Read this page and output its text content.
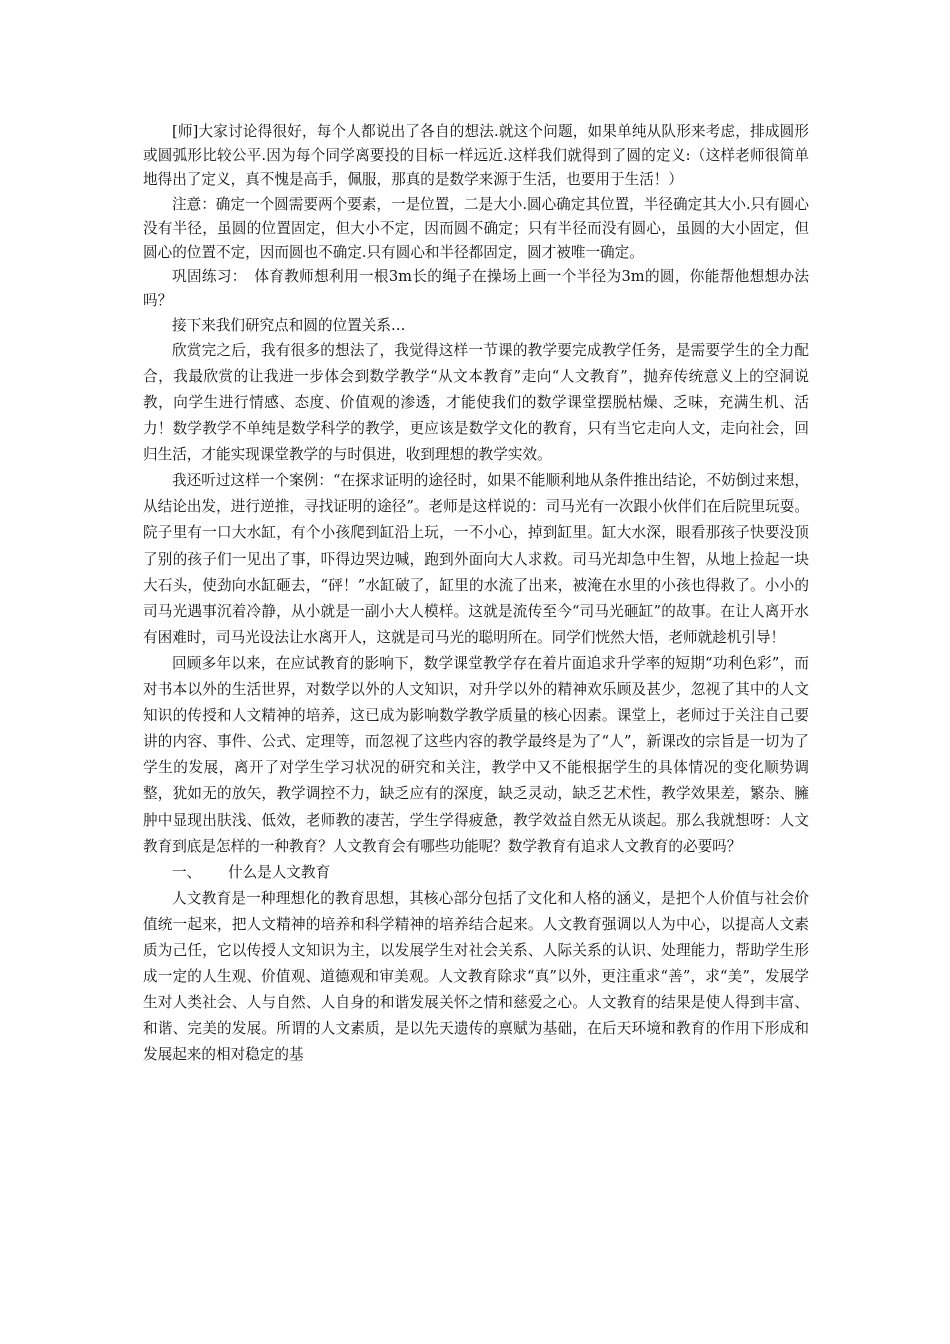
[师]大家讨论得很好，每个人都说出了各自的想法.就这个问题，如果单纯从队形来考虑，排成圆形或圆弧形比较公平.因为每个同学离要投的目标一样远近.这样我们就得到了圆的定义:（这样老师很简单地得出了定义，真不愧是高手，佩服，那真的是数学来源于生活，也要用于生活！）

注意：确定一个圆需要两个要素，一是位置，二是大小.圆心确定其位置，半径确定其大小.只有圆心没有半径，虽圆的位置固定，但大小不定，因而圆不确定；只有半径而没有圆心，虽圆的大小固定，但圆心的位置不定，因而圆也不确定.只有圆心和半径都固定，圆才被唯一确定。

巩固练习：　体育教师想利用一根3m长的绳子在操场上画一个半径为3m的圆，你能帮他想想办法吗？

接下来我们研究点和圆的位置关系…

欣赏完之后，我有很多的想法了，我觉得这样一节课的教学要完成教学任务，是需要学生的全力配合，我最欣赏的让我进一步体会到数学教学“从文本教育”走向“人文教育”，抛弃传统意义上的空洞说教，向学生进行情感、态度、价值观的渗透，才能使我们的数学课堂摆脱枯燥、乏味，充满生机、活力！数学教学不单纯是数学科学的教学，更应该是数学文化的教育，只有当它走向人文，走向社会，回归生活，才能实现课堂教学的与时俱进，收到理想的教学实效。

我还听过这样一个案例：“在探求证明的途径时，如果不能顺利地从条件推出结论，不妨倒过来想，从结论出发，进行逆推，寻找证明的途径”。老师是这样说的：司马光有一次跟小伙伴们在后院里玩耍。院子里有一口大水缸，有个小孩爬到缸沿上玩，一不小心，掉到缸里。缸大水深，眼看那孩子快要没顶了别的孩子们一见出了事，吓得边哭边喊，跑到外面向大人求救。司马光却急中生智，从地上捡起一块大石头，使劲向水缸砸去，“砰！”水缸破了，缸里的水流了出来，被淹在水里的小孩也得救了。小小的司马光遇事沉着冷静，从小就是一副小大人模样。这就是流传至今“司马光砸缸”的故事。在让人离开水有困难时，司马光设法让水离开人，这就是司马光的聪明所在。同学们恍然大悟，老师就趁机引导！

回顾多年以来，在应试教育的影响下，数学课堂教学存在着片面追求升学率的短期“功利色彩”，而对书本以外的生活世界，对数学以外的人文知识，对升学以外的精神欢乐顾及甚少，忽视了其中的人文知识的传授和人文精神的培养，这已成为影响数学教学质量的核心因素。课堂上，老师过于关注自己要讲的内容、事件、公式、定理等，而忽视了这些内容的教学最终是为了“人”，新课改的宗旨是一切为了学生的发展，离开了对学生学习状况的研究和关注，教学中又不能根据学生的具体情况的变化顺势调整，犹如无的放矢，教学调控不力，缺乏应有的深度，缺乏灵动，缺乏艺术性，教学效果差，繁杂、臃肿中显现出肤浅、低效，老师教的凄苦，学生学得疲惫，教学效益自然无从谈起。那么我就想呀：人文教育到底是怎样的一种教育？人文教育会有哪些功能呢？数学教育有追求人文教育的必要吗？

一、 什么是人文教育

人文教育是一种理想化的教育思想，其核心部分包括了文化和人格的涵义，是把个人价值与社会价值统一起来，把人文精神的培养和科学精神的培养结合起来。人文教育强调以人为中心，以提高人文素质为己任，它以传授人文知识为主，以发展学生对社会关系、人际关系的认识、处理能力，帮助学生形成一定的人生观、价值观、道德观和审美观。人文教育除求“真”以外，更注重求“善”，求“美”，发展学生对人类社会、人与自然、人自身的和谐发展关怀之情和慈爱之心。人文教育的结果是使人得到丰富、和谐、完美的发展。所谓的人文素质，是以先天遗传的禀赋为基础，在后天环境和教育的作用下形成和发展起来的相对稳定的基
